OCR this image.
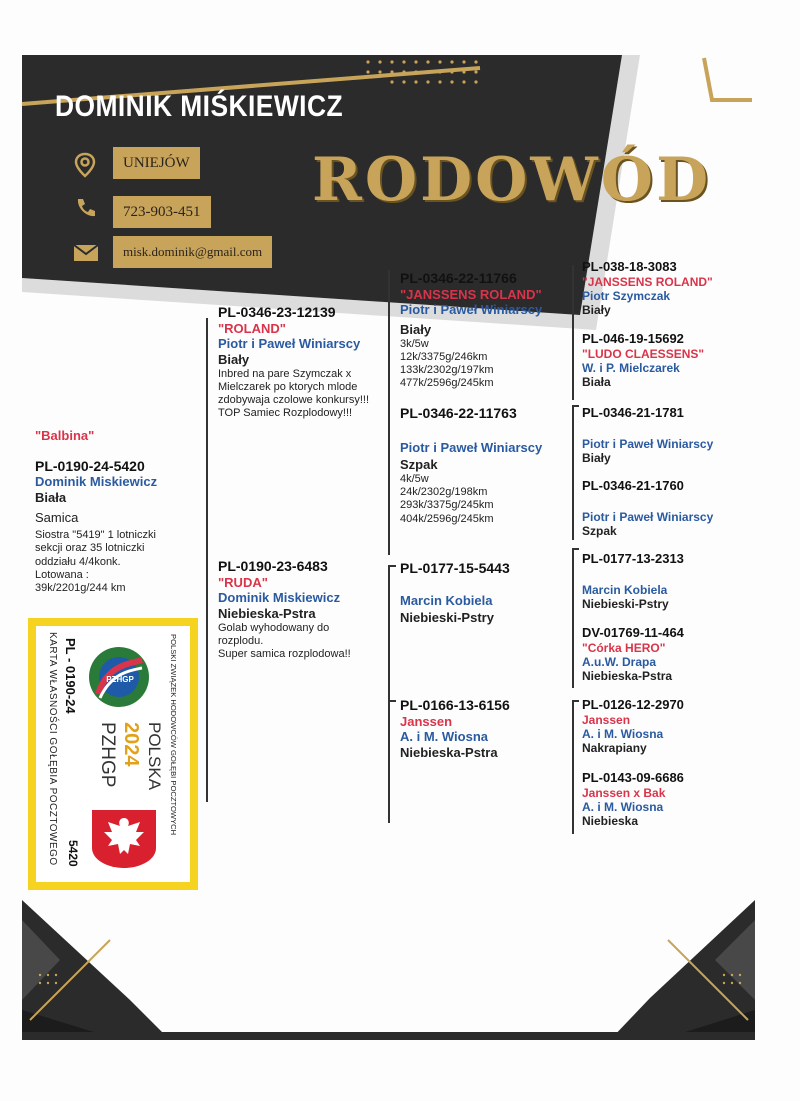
DOMINIK MIŚKIEWICZ
RODOWÓD
UNIEJÓW
723-903-451
misk.dominik@gmail.com
"Balbina"
PL-0190-24-5420
Dominik Miskiewicz
Biała
Samica
Siostra "5419" 1 lotniczki
sekcji oraz 35 lotniczki
oddziału 4/4konk.
Lotowana :
39k/2201g/244 km
PL-0346-23-12139
"ROLAND"
Piotr i Paweł Winiarscy
Biały
Inbred na pare Szymczak x
Mielczarek po ktorych mlode
zdobywaja czolowe konkursy!!!
TOP Samiec Rozplodowy!!!
PL-0190-23-6483
"RUDA"
Dominik Miskiewicz
Niebieska-Pstra
Golab wyhodowany do
rozplodu.
Super samica rozplodowa!!
PL-0346-22-11766
"JANSSENS ROLAND"
Piotr i Paweł Winiarscy
Biały
3k/5w
12k/3375g/246km
133k/2302g/197km
477k/2596g/245km
PL-0346-22-11763
Piotr i Paweł Winiarscy
Szpak
4k/5w
24k/2302g/198km
293k/3375g/245km
404k/2596g/245km
PL-0177-15-5443
Marcin Kobiela
Niebieski-Pstry
PL-0166-13-6156
Janssen
A. i M. Wiosna
Niebieska-Pstra
PL-038-18-3083
"JANSSENS ROLAND"
Piotr Szymczak
Biały
PL-046-19-15692
"LUDO CLAESSENS"
W. i P. Mielczarek
Biała
PL-0346-21-1781
Piotr i Paweł Winiarscy
Biały
PL-0346-21-1760
Piotr i Paweł Winiarscy
Szpak
PL-0177-13-2313
Marcin Kobiela
Niebieski-Pstry
DV-01769-11-464
"Córka HERO"
A.u.W. Drapa
Niebieska-Pstra
PL-0126-12-2970
Janssen
A. i M. Wiosna
Nakrapiany
PL-0143-09-6686
Janssen x Bak
A. i M. Wiosna
Niebieska
POLSKI ZWIĄZEK HODOWCÓW GOŁĘBI POCZTOWYCH
POLSKA
2024
PZHGP
PL - 0190-24
KARTA WŁASNOŚCI GOŁĘBIA POCZTOWEGO 5420
PZHGP
